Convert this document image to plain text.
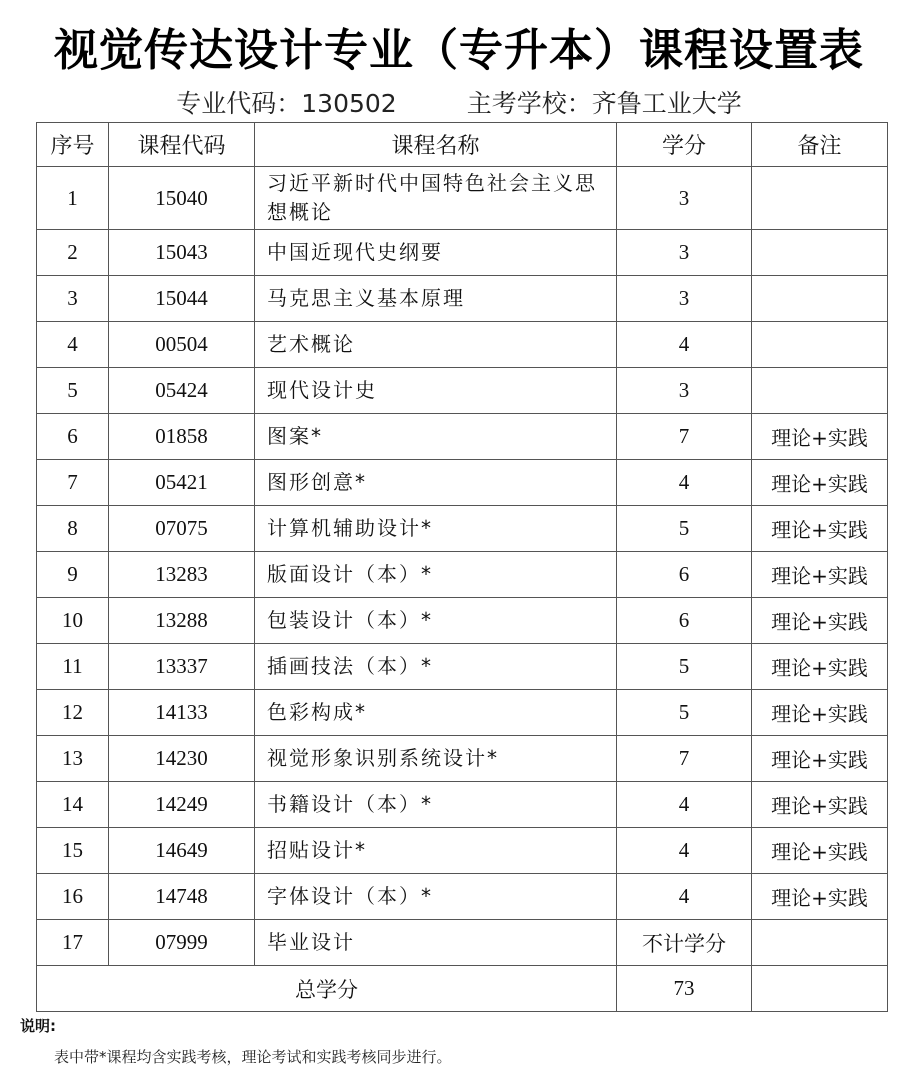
视觉传达设计专业（专升本）课程设置表
专业代码：130502	主考学校：齐鲁工业大学
序号	课程代码	课程名称	学分	备注
1	15040	习近平新时代中国特色社会主义思想概论	3	
2	15043	中国近现代史纲要	3	
3	15044	马克思主义基本原理	3	
4	00504	艺术概论	4	
5	05424	现代设计史	3	
6	01858	图案*	7	理论+实践
7	05421	图形创意*	4	理论+实践
8	07075	计算机辅助设计*	5	理论+实践
9	13283	版面设计（本）*	6	理论+实践
10	13288	包装设计（本）*	6	理论+实践
11	13337	插画技法（本）*	5	理论+实践
12	14133	色彩构成*	5	理论+实践
13	14230	视觉形象识别系统设计*	7	理论+实践
14	14249	书籍设计（本）*	4	理论+实践
15	14649	招贴设计*	4	理论+实践
16	14748	字体设计（本）*	4	理论+实践
17	07999	毕业设计	不计学分	
总学分			73	
说明:
表中带*课程均含实践考核，理论考试和实践考核同步进行。
